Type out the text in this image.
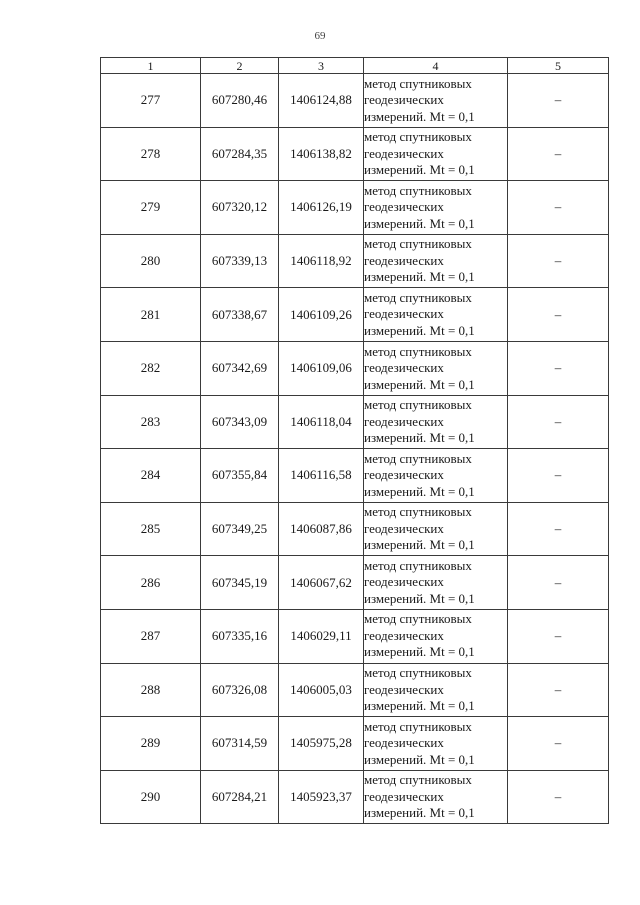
69
1	2	3	4	5
277	607280,46	1406124,88	метод спутниковых
геодезических
измерений. Mt = 0,1	–
278	607284,35	1406138,82	метод спутниковых
геодезических
измерений. Mt = 0,1	–
279	607320,12	1406126,19	метод спутниковых
геодезических
измерений. Mt = 0,1	–
280	607339,13	1406118,92	метод спутниковых
геодезических
измерений. Mt = 0,1	–
281	607338,67	1406109,26	метод спутниковых
геодезических
измерений. Mt = 0,1	–
282	607342,69	1406109,06	метод спутниковых
геодезических
измерений. Mt = 0,1	–
283	607343,09	1406118,04	метод спутниковых
геодезических
измерений. Mt = 0,1	–
284	607355,84	1406116,58	метод спутниковых
геодезических
измерений. Mt = 0,1	–
285	607349,25	1406087,86	метод спутниковых
геодезических
измерений. Mt = 0,1	–
286	607345,19	1406067,62	метод спутниковых
геодезических
измерений. Mt = 0,1	–
287	607335,16	1406029,11	метод спутниковых
геодезических
измерений. Mt = 0,1	–
288	607326,08	1406005,03	метод спутниковых
геодезических
измерений. Mt = 0,1	–
289	607314,59	1405975,28	метод спутниковых
геодезических
измерений. Mt = 0,1	–
290	607284,21	1405923,37	метод спутниковых
геодезических
измерений. Mt = 0,1	–
